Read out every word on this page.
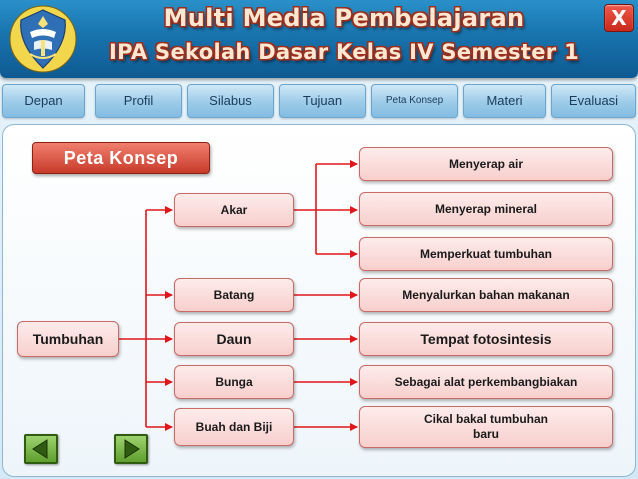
Multi Media Pembelajaran
IPA Sekolah Dasar Kelas IV Semester 1
X
Depan	Profil	Silabus	Tujuan	Peta Konsep	Materi	Evaluasi
Peta Konsep
Tumbuhan
Akar
Batang
Daun
Bunga
Buah dan Biji
Menyerap air
Menyerap mineral
Memperkuat tumbuhan
Menyalurkan bahan makanan
Tempat fotosintesis
Sebagai alat perkembangbiakan
Cikal bakal tumbuhan
baru
